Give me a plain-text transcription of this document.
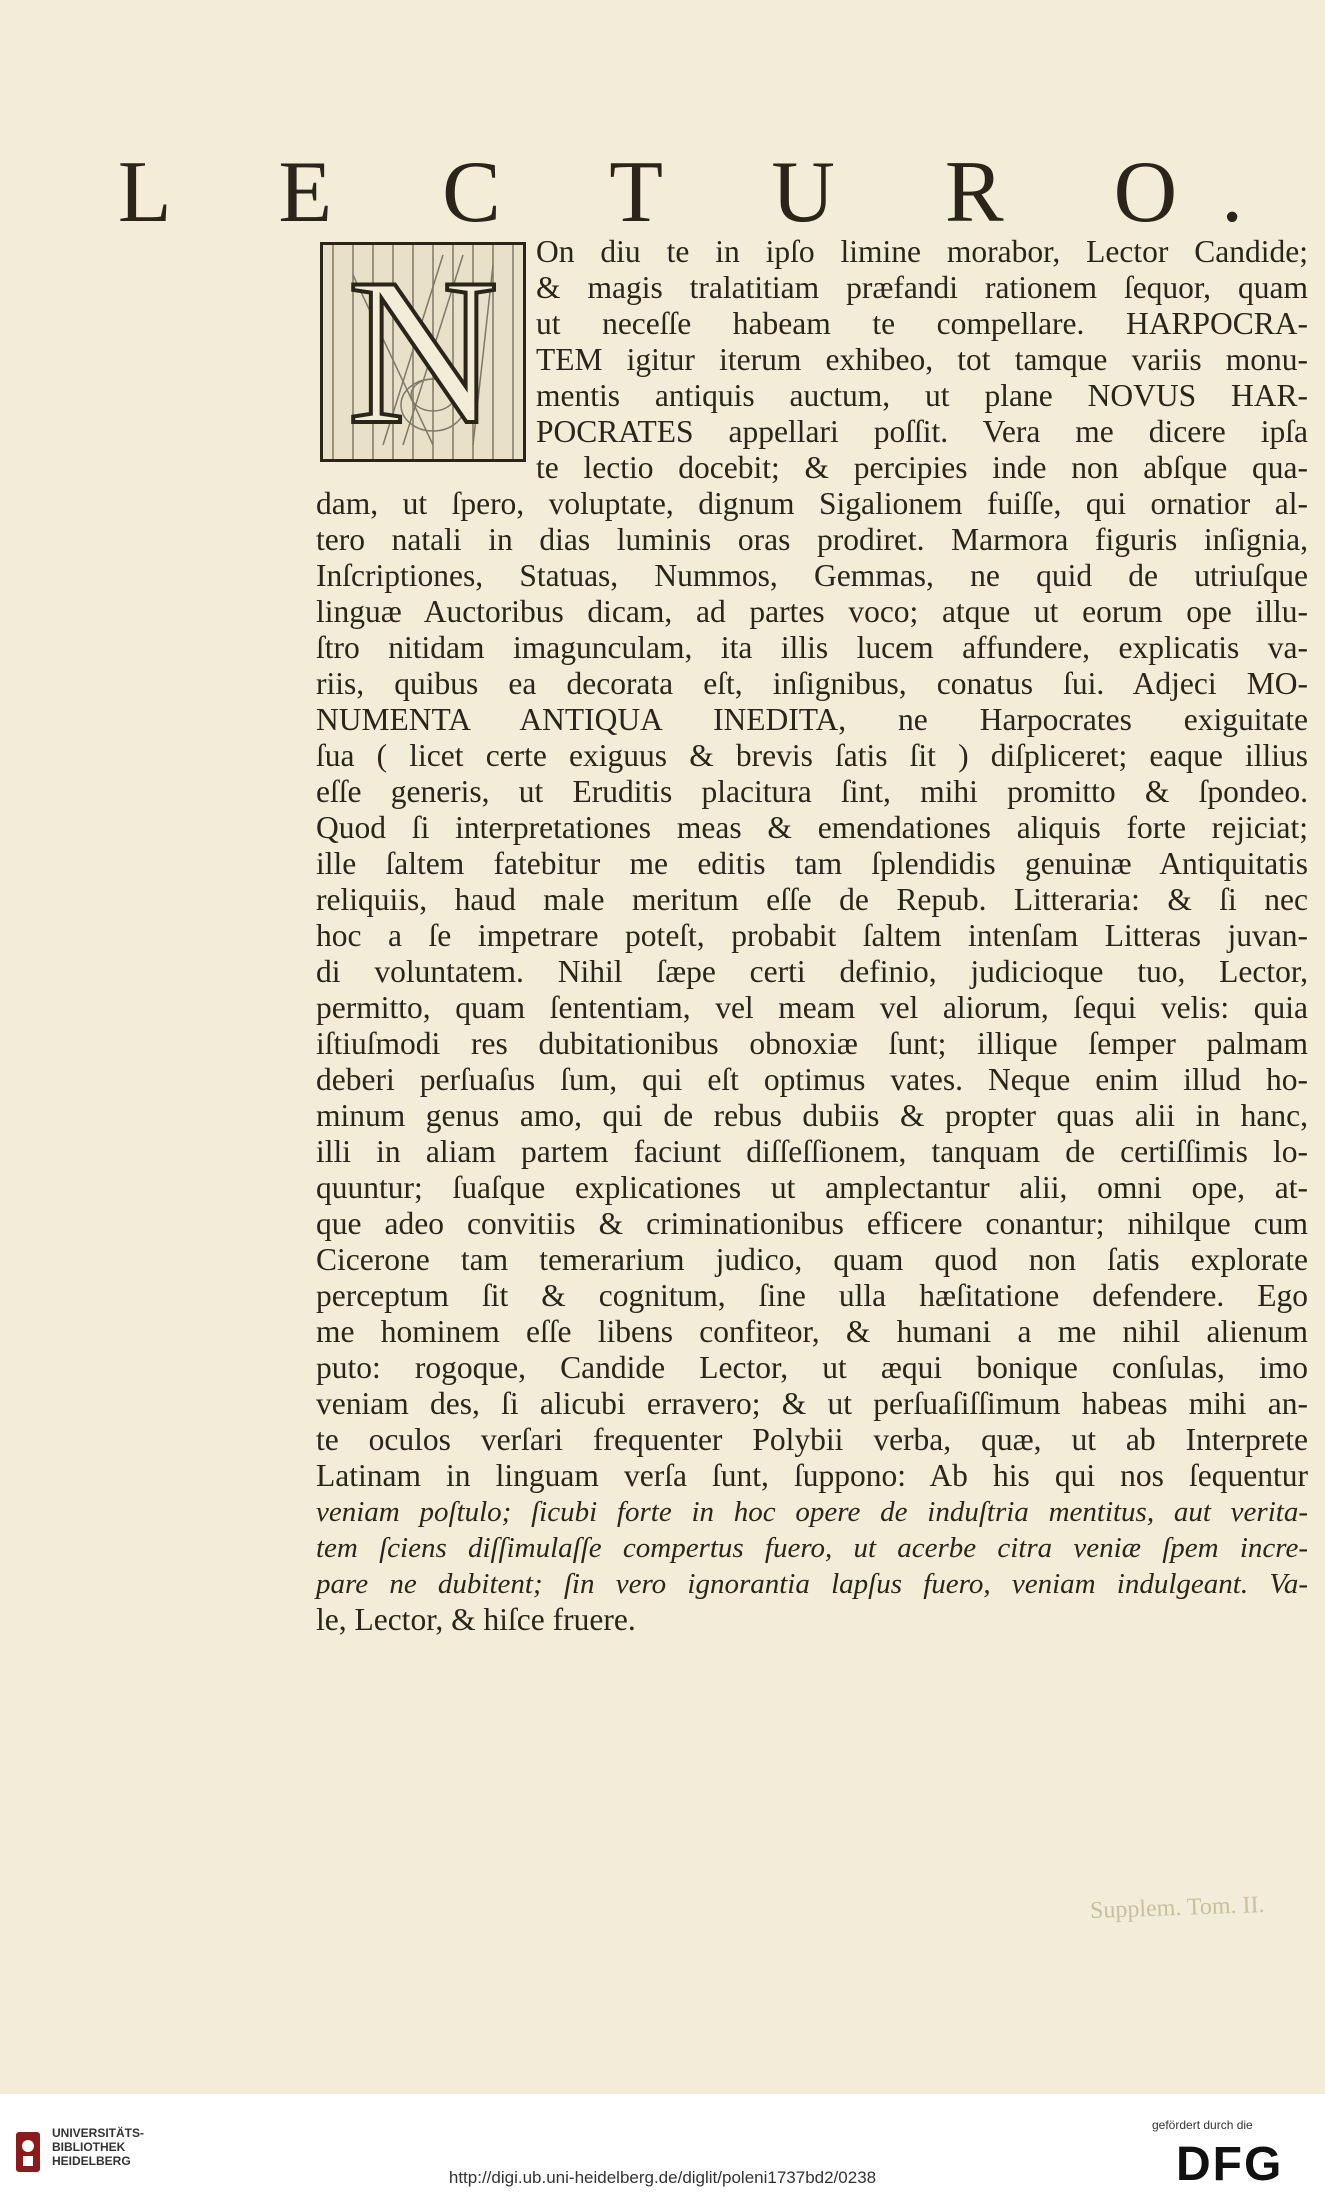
L E C T U R O.
N	On diu te in ipſo limine morabor, Lector Candide;
& magis tralatitiam præfandi rationem ſequor, quam
ut neceſſe habeam te compellare. HARPOCRA-
TEM igitur iterum exhibeo, tot tamque variis monu-
mentis antiquis auctum, ut plane NOVUS HAR-
POCRATES appellari poſſit. Vera me dicere ipſa
te lectio docebit; & percipies inde non abſque qua-
dam, ut ſpero, voluptate, dignum Sigalionem fuiſſe, qui ornatior al-
tero natali in dias luminis oras prodiret. Marmora figuris inſignia,
Inſcriptiones, Statuas, Nummos, Gemmas, ne quid de utriuſque
linguæ Auctoribus dicam, ad partes voco; atque ut eorum ope illu-
ſtro nitidam imagunculam, ita illis lucem affundere, explicatis va-
riis, quibus ea decorata eſt, inſignibus, conatus ſui. Adjeci MO-
NUMENTA ANTIQUA INEDITA, ne Harpocrates exiguitate
ſua ( licet certe exiguus & brevis ſatis ſit ) diſpliceret; eaque illius
eſſe generis, ut Eruditis placitura ſint, mihi promitto & ſpondeo.
Quod ſi interpretationes meas & emendationes aliquis forte rejiciat;
ille ſaltem fatebitur me editis tam ſplendidis genuinæ Antiquitatis
reliquiis, haud male meritum eſſe de Repub. Litteraria: & ſi nec
hoc a ſe impetrare poteſt, probabit ſaltem intenſam Litteras juvan-
di voluntatem. Nihil ſæpe certi definio, judicioque tuo, Lector,
permitto, quam ſententiam, vel meam vel aliorum, ſequi velis: quia
iſtiuſmodi res dubitationibus obnoxiæ ſunt; illique ſemper palmam
deberi perſuaſus ſum, qui eſt optimus vates. Neque enim illud ho-
minum genus amo, qui de rebus dubiis & propter quas alii in hanc,
illi in aliam partem faciunt diſſeſſionem, tanquam de certiſſimis lo-
quuntur; ſuaſque explicationes ut amplectantur alii, omni ope, at-
que adeo convitiis & criminationibus efficere conantur; nihilque cum
Cicerone tam temerarium judico, quam quod non ſatis explorate
perceptum ſit & cognitum, ſine ulla hæſitatione defendere. Ego
me hominem eſſe libens confiteor, & humani a me nihil alienum
puto: rogoque, Candide Lector, ut æqui bonique conſulas, imo
veniam des, ſi alicubi erravero; & ut perſuaſiſſimum habeas mihi an-
te oculos verſari frequenter Polybii verba, quæ, ut ab Interprete
Latinam in linguam verſa ſunt, ſuppono: Ab his qui nos ſequentur
veniam poſtulo; ſicubi forte in hoc opere de induſtria mentitus, aut verita-
tem ſciens diſſimulaſſe compertus fuero, ut acerbe citra veniæ ſpem incre-
pare ne dubitent; ſin vero ignorantia lapſus fuero, veniam indulgeant. Va-
le, Lector, & hiſce fruere.
Supplem. Tom. II.
UNIVERSITÄTS-
BIBLIOTHEK
HEIDELBERG
http://digi.ub.uni-heidelberg.de/diglit/poleni1737bd2/0238
gefördert durch die
DFG
